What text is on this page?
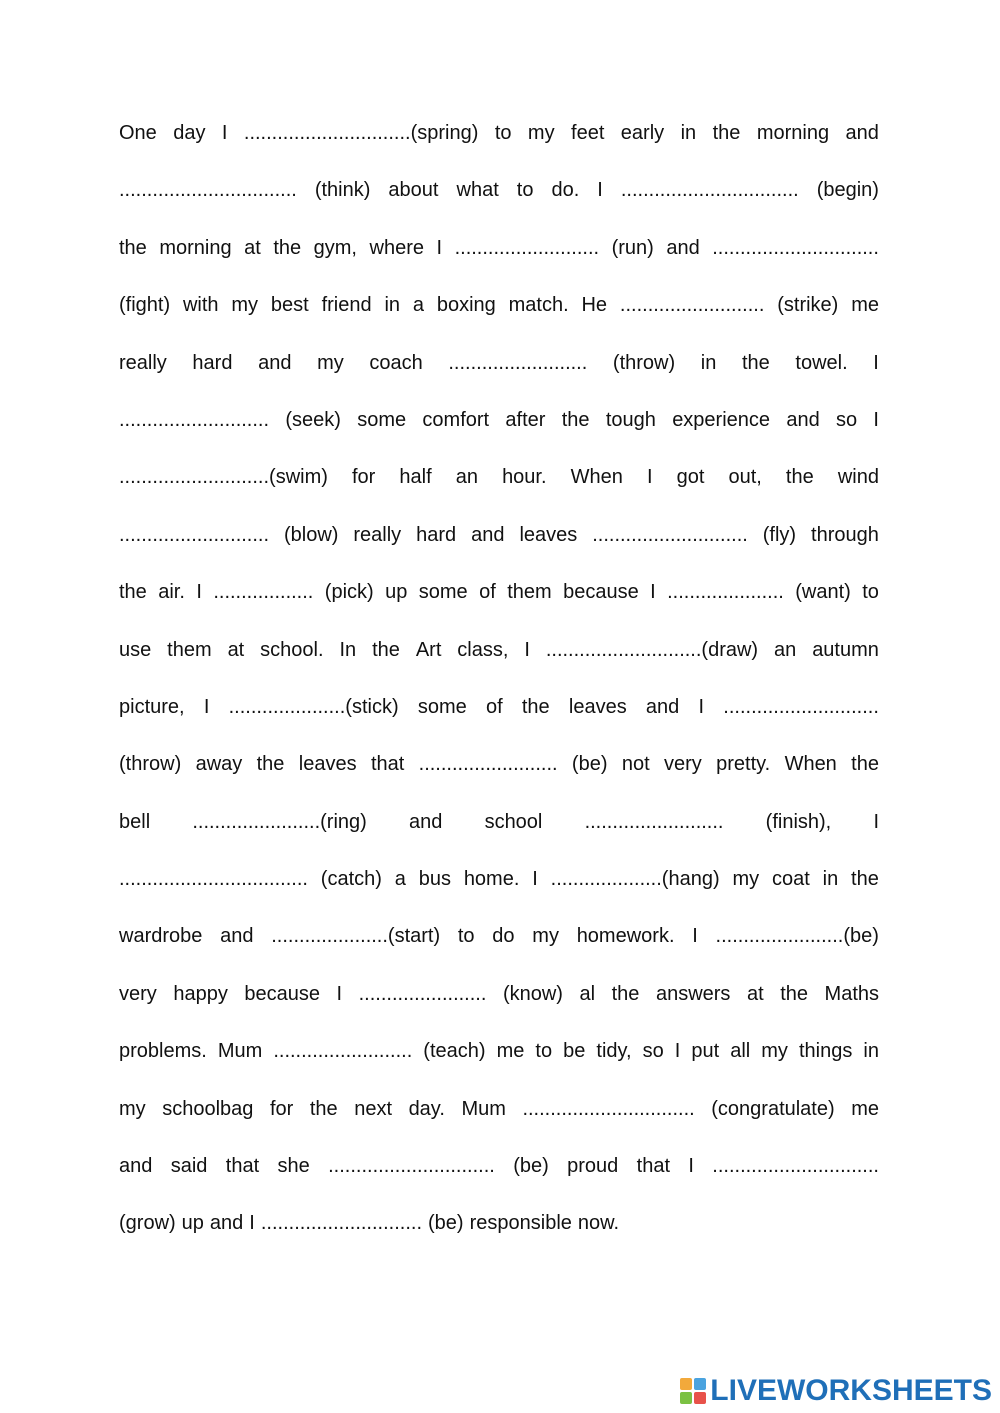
One day I ..............................(spring) to my feet early in the morning and
................................ (think) about what to do. I ................................ (begin)
the morning at the gym, where I .......................... (run) and ..............................
(fight) with my best friend in a boxing match. He .......................... (strike) me
really hard and my coach ......................... (throw) in the towel. I
........................... (seek) some comfort after the tough experience and so I
...........................(swim) for half an hour. When I got out, the wind
........................... (blow) really hard and leaves ............................ (fly) through
the air. I .................. (pick) up some of them because I ..................... (want) to
use them at school. In the Art class, I ............................(draw) an autumn
picture, I .....................(stick) some of the leaves and I ............................
(throw) away the leaves that ......................... (be) not very pretty. When the
bell .......................(ring) and school ......................... (finish), I
.................................. (catch) a bus home. I ....................(hang) my coat in the
wardrobe and .....................(start) to do my homework. I .......................(be)
very happy because I ....................... (know) al the answers at the Maths
problems. Mum ......................... (teach) me to be tidy, so I put all my things in
my schoolbag for the next day. Mum ............................... (congratulate) me
and said that she .............................. (be) proud that I ..............................
(grow) up and I ............................. (be) responsible now.
LIVEWORKSHEETS
